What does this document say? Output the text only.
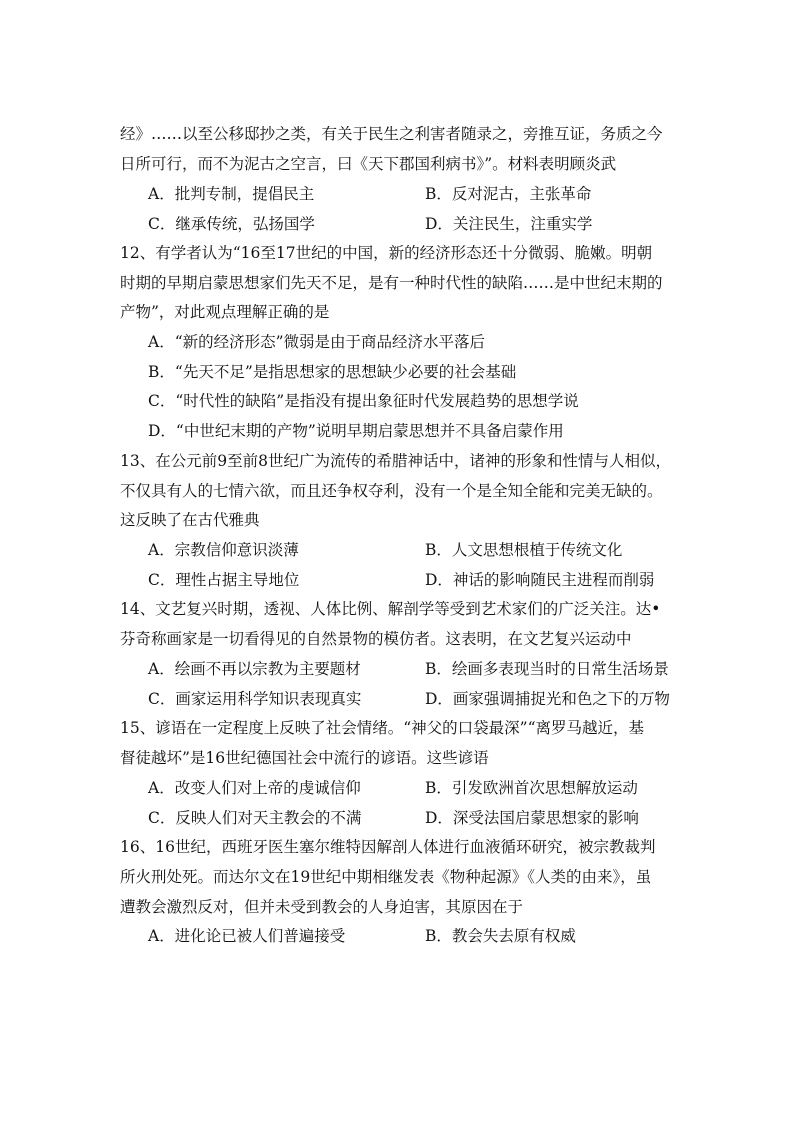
经》……以至公移邸抄之类，有关于民生之利害者随录之，旁推互证，务质之今
日所可行，而不为泥古之空言，曰《天下郡国利病书》”。材料表明顾炎武
A．批判专制，提倡民主	B．反对泥古，主张革命
C．继承传统，弘扬国学	D．关注民生，注重实学
12、有学者认为“16至17世纪的中国，新的经济形态还十分微弱、脆嫩。明朝
时期的早期启蒙思想家们先天不足，是有一种时代性的缺陷……是中世纪末期的
产物”，对此观点理解正确的是
A．“新的经济形态”微弱是由于商品经济水平落后
B．“先天不足”是指思想家的思想缺少必要的社会基础
C．“时代性的缺陷”是指没有提出象征时代发展趋势的思想学说
D．“中世纪末期的产物”说明早期启蒙思想并不具备启蒙作用
13、在公元前9至前8世纪广为流传的希腊神话中，诸神的形象和性情与人相似，
不仅具有人的七情六欲，而且还争权夺利，没有一个是全知全能和完美无缺的。
这反映了在古代雅典
A．宗教信仰意识淡薄	B．人文思想根植于传统文化
C．理性占据主导地位	D．神话的影响随民主进程而削弱
14、文艺复兴时期，透视、人体比例、解剖学等受到艺术家们的广泛关注。达•
芬奇称画家是一切看得见的自然景物的模仿者。这表明，在文艺复兴运动中
A．绘画不再以宗教为主要题材	B．绘画多表现当时的日常生活场景
C．画家运用科学知识表现真实	D．画家强调捕捉光和色之下的万物
15、谚语在一定程度上反映了社会情绪。“神父的口袋最深”“离罗马越近，基
督徒越坏”是16世纪德国社会中流行的谚语。这些谚语
A．改变人们对上帝的虔诚信仰	B．引发欧洲首次思想解放运动
C．反映人们对天主教会的不满	D．深受法国启蒙思想家的影响
16、16世纪，西班牙医生塞尔维特因解剖人体进行血液循环研究，被宗教裁判
所火刑处死。而达尔文在19世纪中期相继发表《物种起源》《人类的由来》，虽
遭教会激烈反对，但并未受到教会的人身迫害，其原因在于
A．进化论已被人们普遍接受	B．教会失去原有权威
